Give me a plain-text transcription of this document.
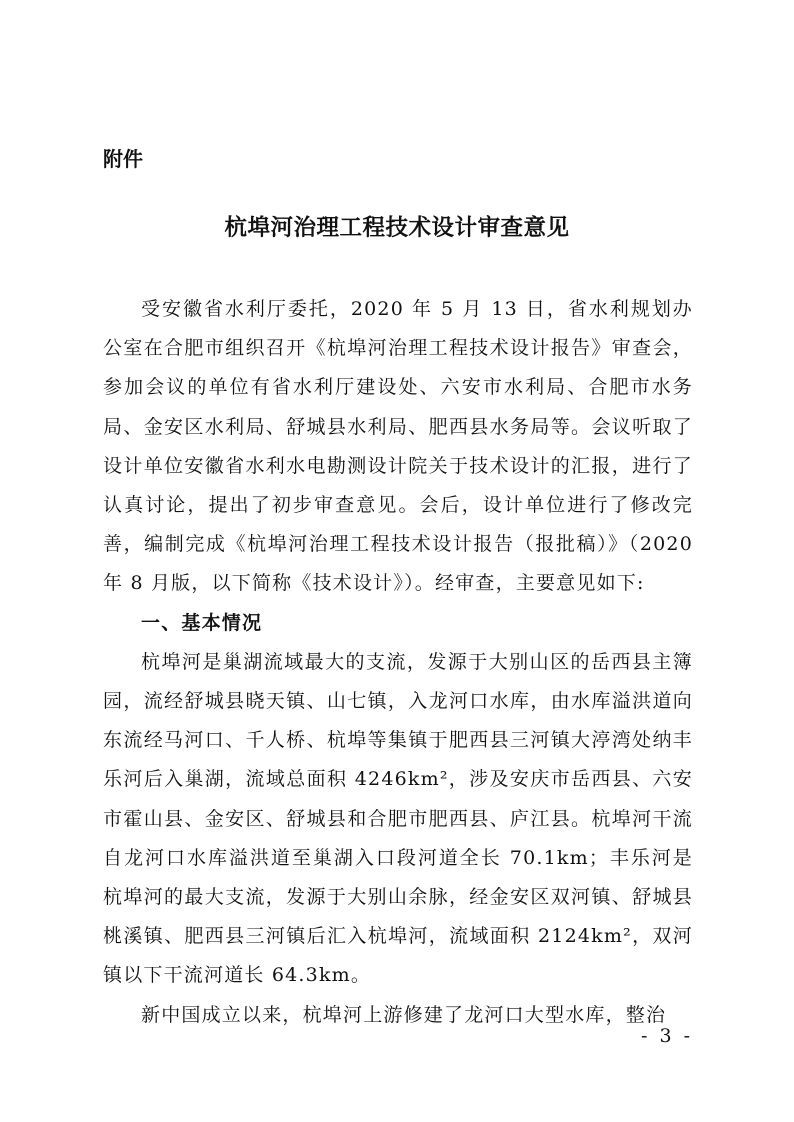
附件
杭埠河治理工程技术设计审查意见

受安徽省水利厅委托，2020 年 5 月 13 日，省水利规划办公室在合肥市组织召开《杭埠河治理工程技术设计报告》审查会，参加会议的单位有省水利厅建设处、六安市水利局、合肥市水务局、金安区水利局、舒城县水利局、肥西县水务局等。会议听取了设计单位安徽省水利水电勘测设计院关于技术设计的汇报，进行了认真讨论，提出了初步审查意见。会后，设计单位进行了修改完善，编制完成《杭埠河治理工程技术设计报告（报批稿）》（2020 年 8 月版，以下简称《技术设计》）。经审查，主要意见如下:

一、基本情况

杭埠河是巢湖流域最大的支流，发源于大别山区的岳西县主簿园，流经舒城县晓天镇、山七镇，入龙河口水库，由水库溢洪道向东流经马河口、千人桥、杭埠等集镇于肥西县三河镇大渟湾处纳丰乐河后入巢湖，流域总面积 4246km²，涉及安庆市岳西县、六安市霍山县、金安区、舒城县和合肥市肥西县、庐江县。杭埠河干流自龙河口水库溢洪道至巢湖入口段河道全长 70.1km；丰乐河是杭埠河的最大支流，发源于大别山余脉，经金安区双河镇、舒城县桃溪镇、肥西县三河镇后汇入杭埠河，流域面积 2124km²，双河镇以下干流河道长 64.3km。

新中国成立以来，杭埠河上游修建了龙河口大型水库，整治

- 3 -
